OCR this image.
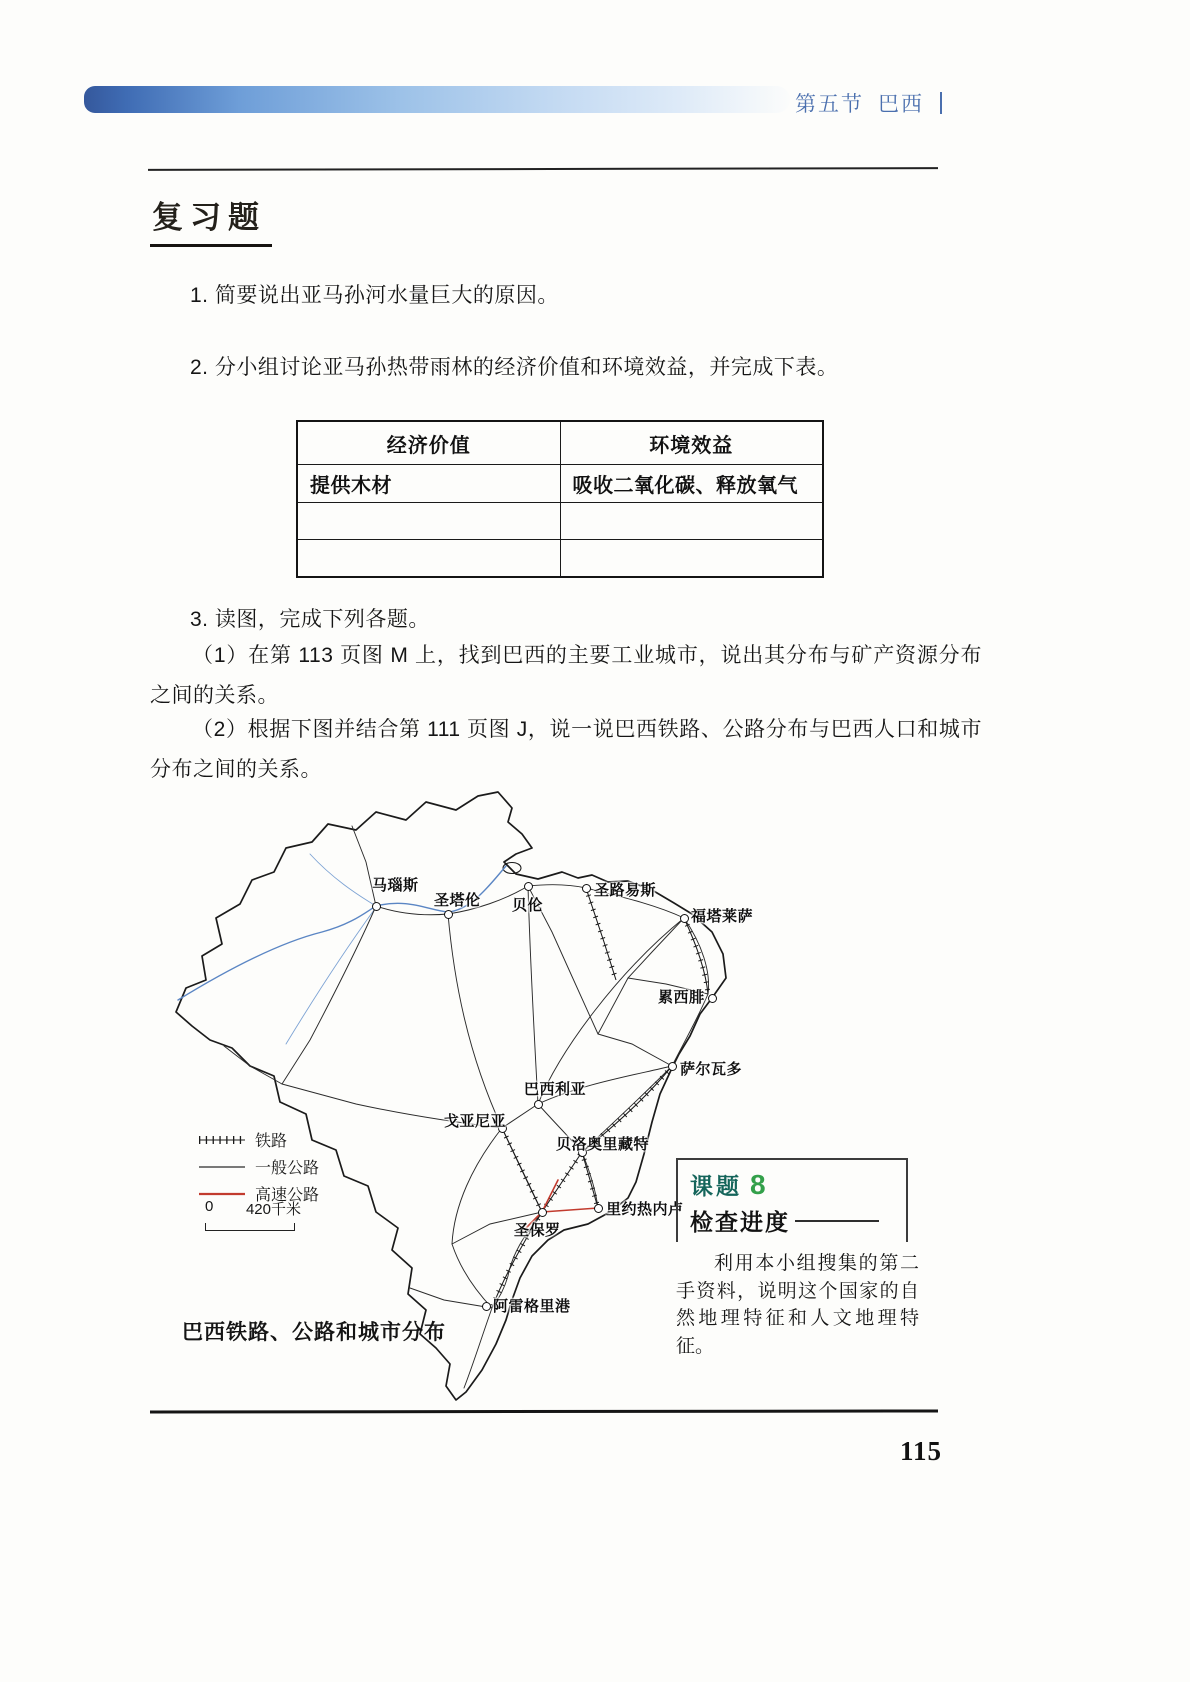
第五节 巴西
复习题
1. 简要说出亚马孙河水量巨大的原因。
2. 分小组讨论亚马孙热带雨林的经济价值和环境效益，并完成下表。
经济价值	环境效益
提供木材	吸收二氧化碳、释放氧气

3. 读图，完成下列各题。
（1）在第 113 页图 M 上，找到巴西的主要工业城市，说出其分布与矿产资源分布之间的关系。
（2）根据下图并结合第 111 页图 J，说一说巴西铁路、公路分布与巴西人口和城市分布之间的关系。
马瑙斯
圣塔伦 贝伦
圣路易斯
福塔莱萨
累西腓
萨尔瓦多
巴西利亚
戈亚尼亚
贝洛奥里藏特
里约热内卢
圣保罗
阿雷格里港
铁路
一般公路
高速公路
0 420千米
巴西铁路、公路和城市分布
课题 8
检查进度
利用本小组搜集的第二手资料，说明这个国家的自然地理特征和人文地理特征。
115
